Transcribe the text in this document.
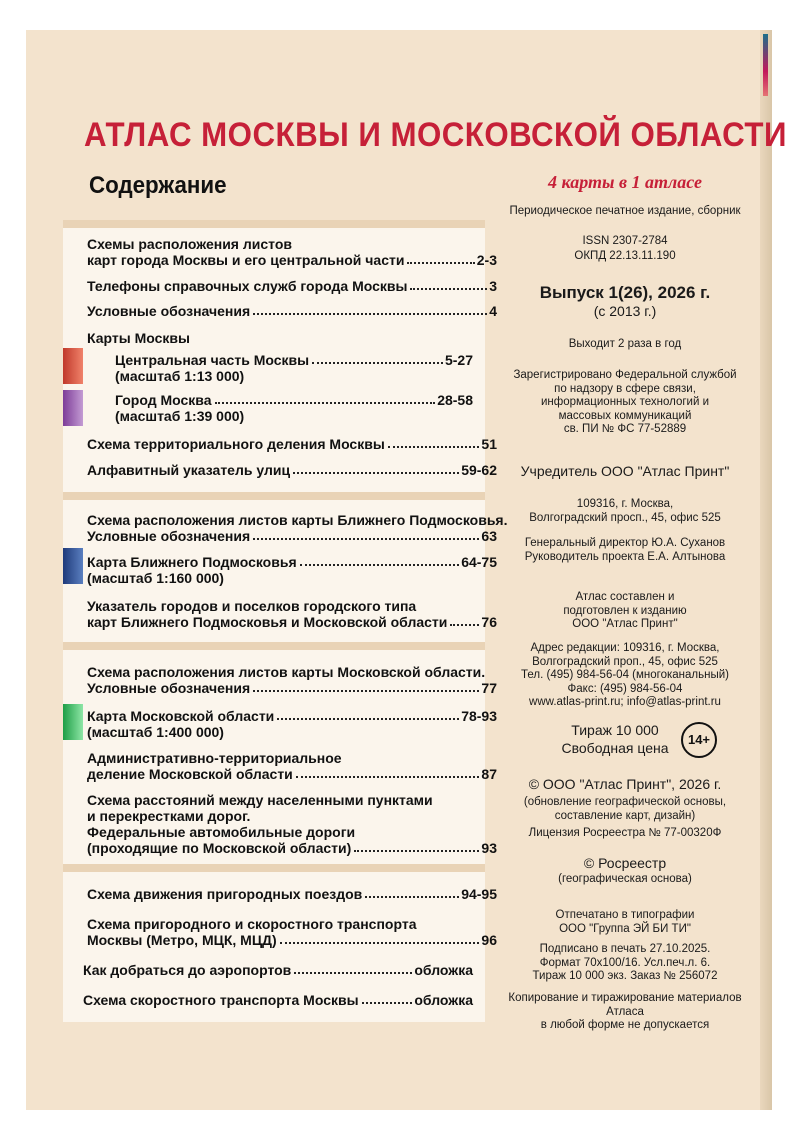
АТЛАС МОСКВЫ И МОСКОВСКОЙ ОБЛАСТИ
Содержание	4 карты в 1 атласе
Схемы расположения листов
карт города Москвы и его центральной части	2-3
Телефоны справочных служб города Москвы	3
Условные обозначения	4
Карты Москвы
Центральная часть Москвы	5-27
(масштаб 1:13 000)
Город Москва	28-58
(масштаб 1:39 000)
Схема территориального деления Москвы	51
Алфавитный указатель улиц	59-62
Схема расположения листов карты Ближнего Подмосковья.
Условные обозначения	63
Карта Ближнего Подмосковья	64-75
(масштаб 1:160 000)
Указатель городов и поселков городского типа
карт Ближнего Подмосковья и Московской области 76
Схема расположения листов карты Московской области.
Условные обозначения	77
Карта Московской области	78-93
(масштаб 1:400 000)
Административно-территориальное
деление Московской области	87
Схема расстояний между населенными пунктами
и перекрестками дорог.
Федеральные автомобильные дороги
(проходящие по Московской области)	93
Схема движения пригородных поездов	94-95
Схема пригородного и скоростного транспорта
Москвы (Метро, МЦК, МЦД)	96
Как добраться до аэропортов	обложка
Схема скоростного транспорта Москвы	обложка
Периодическое печатное издание, сборник
ISSN 2307-2784
ОКПД 22.13.11.190
Выпуск 1(26), 2026 г.
(с 2013 г.)
Выходит 2 раза в год
Зарегистрировано Федеральной службой
по надзору в сфере связи,
информационных технологий и
массовых коммуникаций
св. ПИ № ФС 77-52889
Учредитель ООО "Атлас Принт"
109316, г. Москва,
Волгоградский просп., 45, офис 525
Генеральный директор Ю.А. Суханов
Руководитель проекта Е.А. Алтынова
Атлас составлен и
подготовлен к изданию
ООО "Атлас Принт"
Адрес редакции: 109316, г. Москва,
Волгоградский проп., 45, офис 525
Тел. (495) 984-56-04 (многоканальный)
Факс: (495) 984-56-04
www.atlas-print.ru; info@atlas-print.ru
Тираж 10 000
Свободная цена
14+
© ООО "Атлас Принт", 2026 г.
(обновление географической основы,
составление карт, дизайн)
Лицензия Росреестра № 77-00320Ф
© Росреестр
(географическая основа)
Отпечатано в типографии
ООО "Группа ЭЙ БИ ТИ"
Подписано в печать 27.10.2025.
Формат 70x100/16. Усл.печ.л. 6.
Тираж 10 000 экз. Заказ № 256072
Копирование и тиражирование материалов Атласа
в любой форме не допускается
